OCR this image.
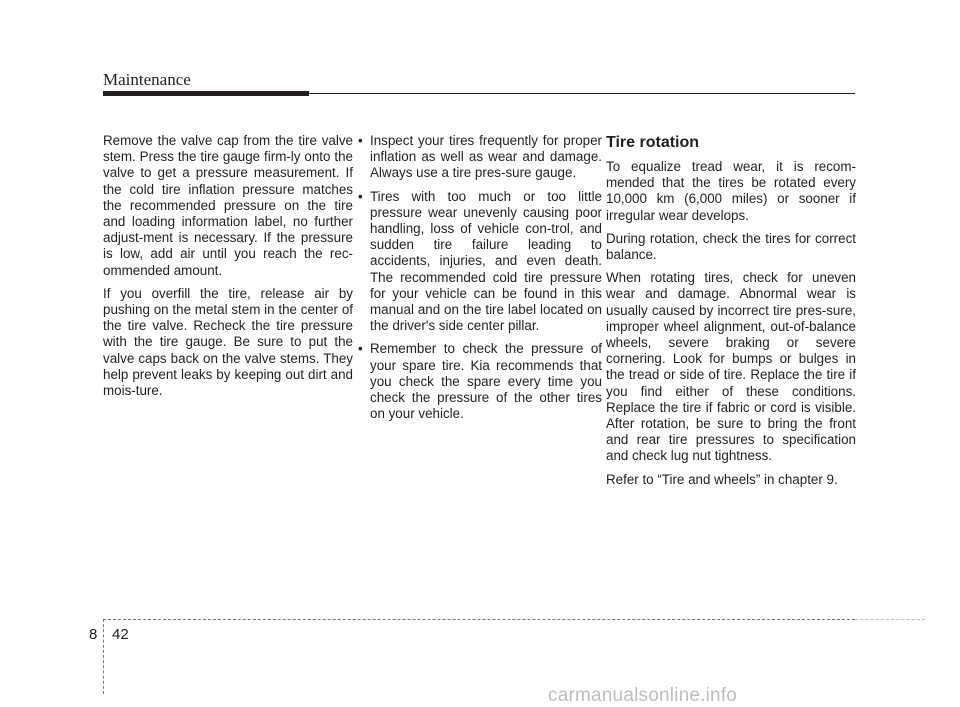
Maintenance

Remove the valve cap from the tire valve stem. Press the tire gauge firm-ly onto the valve to get a pressure measurement. If the cold tire inflation pressure matches the recommended pressure on the tire and loading information label, no further adjust-ment is necessary. If the pressure is low, add air until you reach the rec-ommended amount.

If you overfill the tire, release air by pushing on the metal stem in the center of the tire valve. Recheck the tire pressure with the tire gauge. Be sure to put the valve caps back on the valve stems. They help prevent leaks by keeping out dirt and mois-ture.

• Inspect your tires frequently for proper inflation as well as wear and damage. Always use a tire pres-sure gauge.
• Tires with too much or too little pressure wear unevenly causing poor handling, loss of vehicle con-trol, and sudden tire failure leading to accidents, injuries, and even death. The recommended cold tire pressure for your vehicle can be found in this manual and on the tire label located on the driver's side center pillar.
• Remember to check the pressure of your spare tire. Kia recommends that you check the spare every time you check the pressure of the other tires on your vehicle.
Tire rotation

To equalize tread wear, it is recom-mended that the tires be rotated every 10,000 km (6,000 miles) or sooner if irregular wear develops.

During rotation, check the tires for correct balance.

When rotating tires, check for uneven wear and damage. Abnormal wear is usually caused by incorrect tire pres-sure, improper wheel alignment, out-of-balance wheels, severe braking or severe cornering. Look for bumps or bulges in the tread or side of tire. Replace the tire if you find either of these conditions. Replace the tire if fabric or cord is visible. After rotation, be sure to bring the front and rear tire pressures to specification and check lug nut tightness.

Refer to “Tire and wheels” in chapter 9.

8 42
carmanualsonline.info
